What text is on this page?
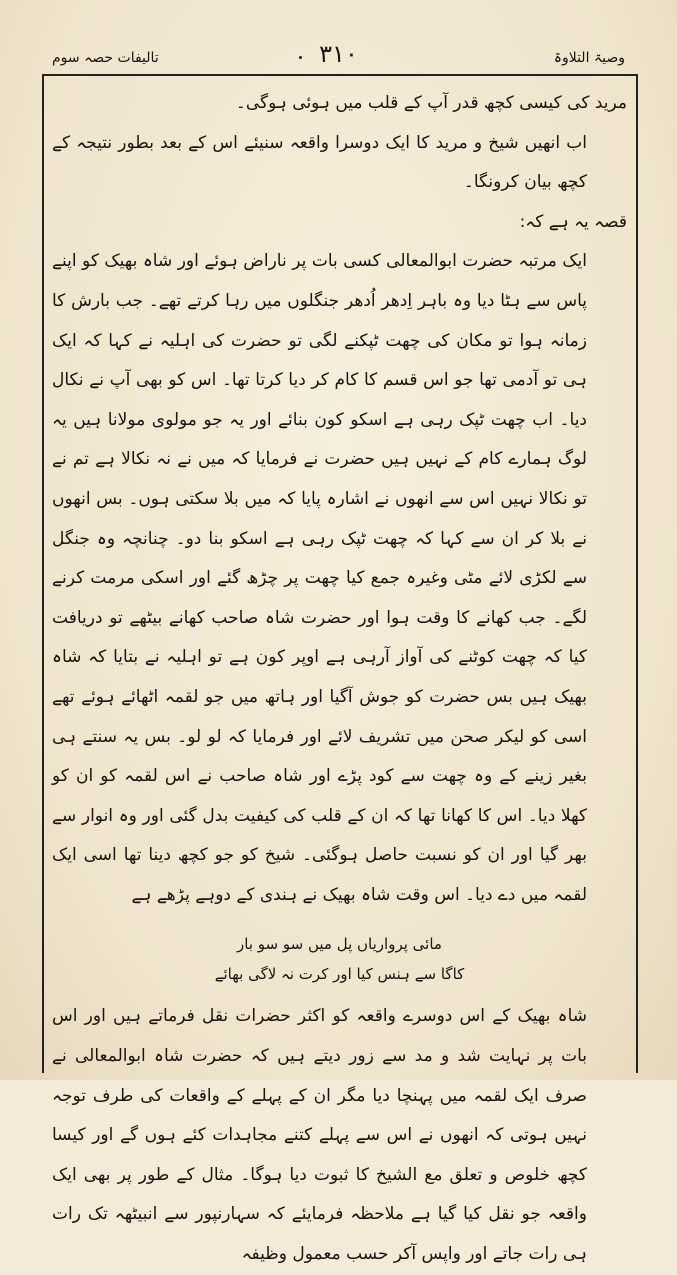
وصیۃ التلاوۃ
۳۱۰
تالیفات حصہ سوم

مرید کی کیسی کچھ قدر آپ کے قلب میں ہوئی ہوگی۔

اب انھیں شیخ و مرید کا ایک دوسرا واقعہ سنیئے اس کے بعد بطور نتیجہ کے کچھ بیان کرونگا۔

قصہ یہ ہے کہ:

ایک مرتبہ حضرت ابوالمعالی کسی بات پر ناراض ہوئے اور شاہ بھیک کو اپنے پاس سے ہٹا دیا وہ باہر اِدھر اُدھر جنگلوں میں رہا کرتے تھے۔ جب بارش کا زمانہ ہوا تو مکان کی چھت ٹپکنے لگی تو حضرت کی اہلیہ نے کہا کہ ایک ہی تو آدمی تھا جو اس قسم کا کام کر دیا کرتا تھا۔ اس کو بھی آپ نے نکال دیا۔ اب چھت ٹپک رہی ہے اسکو کون بنائے اور یہ جو مولوی مولانا ہیں یہ لوگ ہمارے کام کے نہیں ہیں حضرت نے فرمایا کہ میں نے نہ نکالا ہے تم نے تو نکالا نہیں اس سے انھوں نے اشارہ پایا کہ میں بلا سکتی ہوں۔ بس انھوں نے بلا کر ان سے کہا کہ چھت ٹپک رہی ہے اسکو بنا دو۔ چنانچہ وہ جنگل سے لکڑی لائے مٹی وغیرہ جمع کیا چھت پر چڑھ گئے اور اسکی مرمت کرنے لگے۔ جب کھانے کا وقت ہوا اور حضرت شاہ صاحب کھانے بیٹھے تو دریافت کیا کہ چھت کوٹنے کی آواز آرہی ہے اوپر کون ہے تو اہلیہ نے بتایا کہ شاہ بھیک ہیں بس حضرت کو جوش آگیا اور ہاتھ میں جو لقمہ اٹھائے ہوئے تھے اسی کو لیکر صحن میں تشریف لائے اور فرمایا کہ لو لو۔ بس یہ سنتے ہی بغیر زینے کے وہ چھت سے کود پڑے اور شاہ صاحب نے اس لقمہ کو ان کو کھلا دیا۔ اس کا کھانا تھا کہ ان کے قلب کی کیفیت بدل گئی اور وہ انوار سے بھر گیا اور ان کو نسبت حاصل ہوگئی۔ شیخ کو جو کچھ دینا تھا اسی ایک لقمہ میں دے دیا۔ اس وقت شاہ بھیک نے ہندی کے دوہے پڑھے ہے

مائی پرواریاں پل میں سو سو بار
کاگا سے ہنس کیا اور کرت نہ لاگی بھائے

شاہ بھیک کے اس دوسرے واقعہ کو اکثر حضرات نقل فرماتے ہیں اور اس بات پر نہایت شد و مد سے زور دیتے ہیں کہ حضرت شاہ ابوالمعالی نے صرف ایک لقمہ میں پہنچا دیا مگر ان کے پہلے کے واقعات کی طرف توجہ نہیں ہوتی کہ انھوں نے اس سے پہلے کتنے مجاہدات کئے ہوں گے اور کیسا کچھ خلوص و تعلق مع الشیخ کا ثبوت دیا ہوگا۔ مثال کے طور پر بھی ایک واقعہ جو نقل کیا گیا ہے ملاحظہ فرمایئے کہ سہارنپور سے انبیٹھہ تک رات ہی رات جاتے اور واپس آکر حسب معمول وظیفہ
